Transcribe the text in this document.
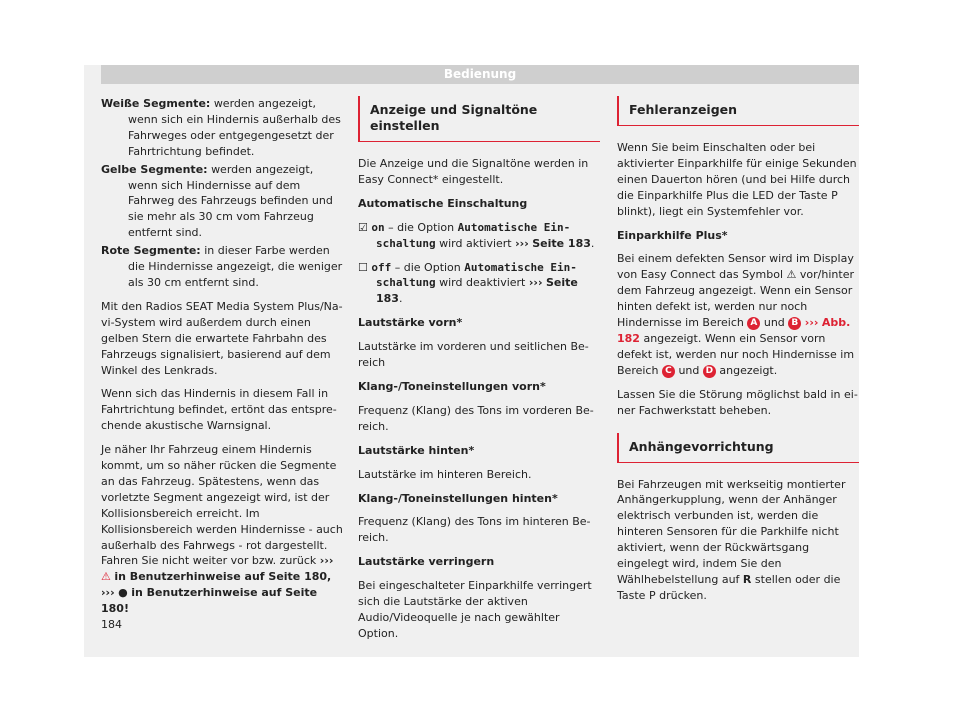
Bedienung
Weiße Segmente: werden angezeigt, wenn sich ein Hindernis außerhalb des Fahrweges oder entgegengesetzt der Fahrtrichtung befindet.
Gelbe Segmente: werden angezeigt, wenn sich Hindernisse auf dem Fahrweg des Fahrzeugs befinden und sie mehr als 30 cm vom Fahrzeug entfernt sind.
Rote Segmente: in dieser Farbe werden die Hindernisse angezeigt, die weniger als 30 cm entfernt sind.

Mit den Radios SEAT Media System Plus/Navi-System wird außerdem durch einen gelben Stern die erwartete Fahrbahn des Fahrzeugs signalisiert, basierend auf dem Winkel des Lenkrads.

Wenn sich das Hindernis in diesem Fall in Fahrtrichtung befindet, ertönt das entsprechende akustische Warnsignal.

Je näher Ihr Fahrzeug einem Hindernis kommt, um so näher rücken die Segmente an das Fahrzeug. Spätestens, wenn das vorletzte Segment angezeigt wird, ist der Kollisionsbereich erreicht. Im Kollisionsbereich werden Hindernisse - auch außerhalb des Fahrwegs - rot dargestellt. Fahren Sie nicht weiter vor bzw. zurück ››› ⚠ in Benutzerhinweise auf Seite 180, ››› ● in Benutzerhinweise auf Seite 180!

Anzeige und Signaltöne einstellen

Die Anzeige und die Signaltöne werden in Easy Connect* eingestellt.

Automatische Einschaltung

☑ on – die Option Automatische Einschaltung wird aktiviert ››› Seite 183.
☐ off – die Option Automatische Einschaltung wird deaktiviert ››› Seite 183.

Lautstärke vorn*

Lautstärke im vorderen und seitlichen Bereich

Klang-/Toneinstellungen vorn*

Frequenz (Klang) des Tons im vorderen Bereich.

Lautstärke hinten*

Lautstärke im hinteren Bereich.

Klang-/Toneinstellungen hinten*

Frequenz (Klang) des Tons im hinteren Bereich.

Lautstärke verringern

Bei eingeschalteter Einparkhilfe verringert sich die Lautstärke der aktiven Audio/Videoquelle je nach gewählter Option.

Fehleranzeigen

Wenn Sie beim Einschalten oder bei aktivierter Einparkhilfe für einige Sekunden einen Dauerton hören (und bei Hilfe durch die Einparkhilfe Plus die LED der Taste P blinkt), liegt ein Systemfehler vor.

Einparkhilfe Plus*

Bei einem defekten Sensor wird im Display von Easy Connect das Symbol ⚠ vor/hinter dem Fahrzeug angezeigt. Wenn ein Sensor hinten defekt ist, werden nur noch Hindernisse im Bereich A und B ››› Abb. 182 angezeigt. Wenn ein Sensor vorn defekt ist, werden nur noch Hindernisse im Bereich C und D angezeigt.

Lassen Sie die Störung möglichst bald in einer Fachwerkstatt beheben.

Anhängevorrichtung

Bei Fahrzeugen mit werkseitig montierter Anhängerkupplung, wenn der Anhänger elektrisch verbunden ist, werden die hinteren Sensoren für die Parkhilfe nicht aktiviert, wenn der Rückwärtsgang eingelegt wird, indem Sie den Wählhebelstellung auf R stellen oder die Taste P drücken.

184
